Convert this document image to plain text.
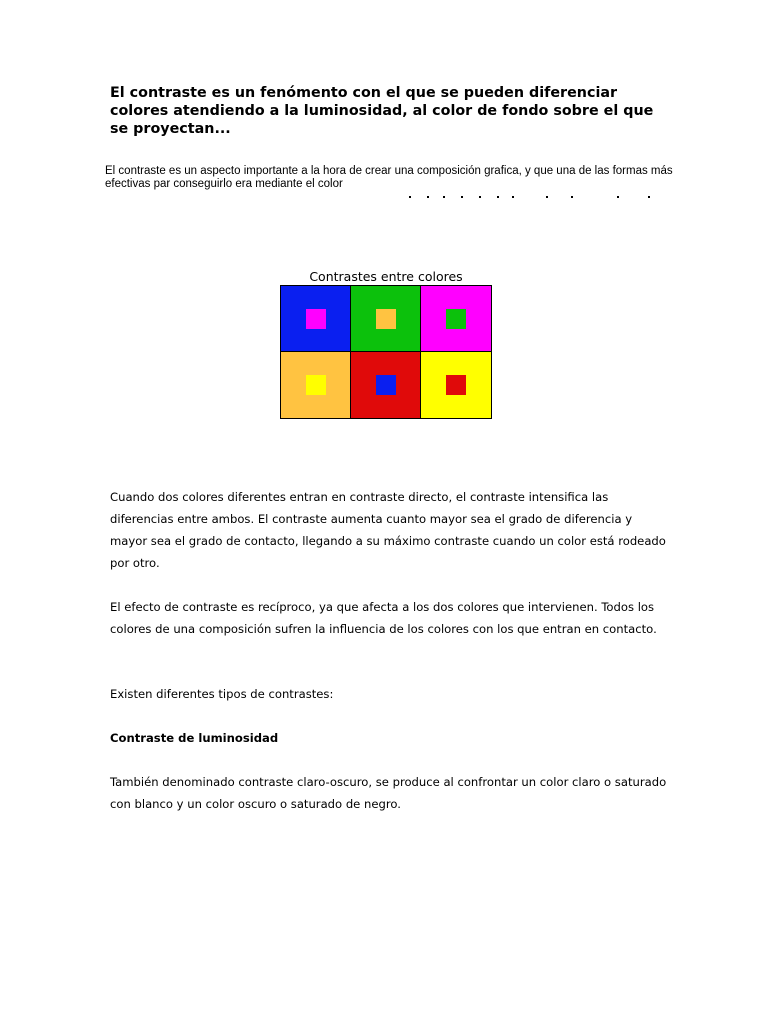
El contraste es un fenómento con el que se pueden diferenciar colores atendiendo a la luminosidad, al color de fondo sobre el que se proyectan...

El contraste es un aspecto importante a la hora de crear una composición grafica, y que una de las formas más efectivas par conseguirlo era mediante el color

Contrastes entre colores

Cuando dos colores diferentes entran en contraste directo, el contraste intensifica las diferencias entre ambos. El contraste aumenta cuanto mayor sea el grado de diferencia y mayor sea el grado de contacto, llegando a su máximo contraste cuando un color está rodeado por otro.

El efecto de contraste es recíproco, ya que afecta a los dos colores que intervienen. Todos los colores de una composición sufren la influencia de los colores con los que entran en contacto.

Existen diferentes tipos de contrastes:

Contraste de luminosidad

También denominado contraste claro-oscuro, se produce al confrontar un color claro o saturado con blanco y un color oscuro o saturado de negro.
